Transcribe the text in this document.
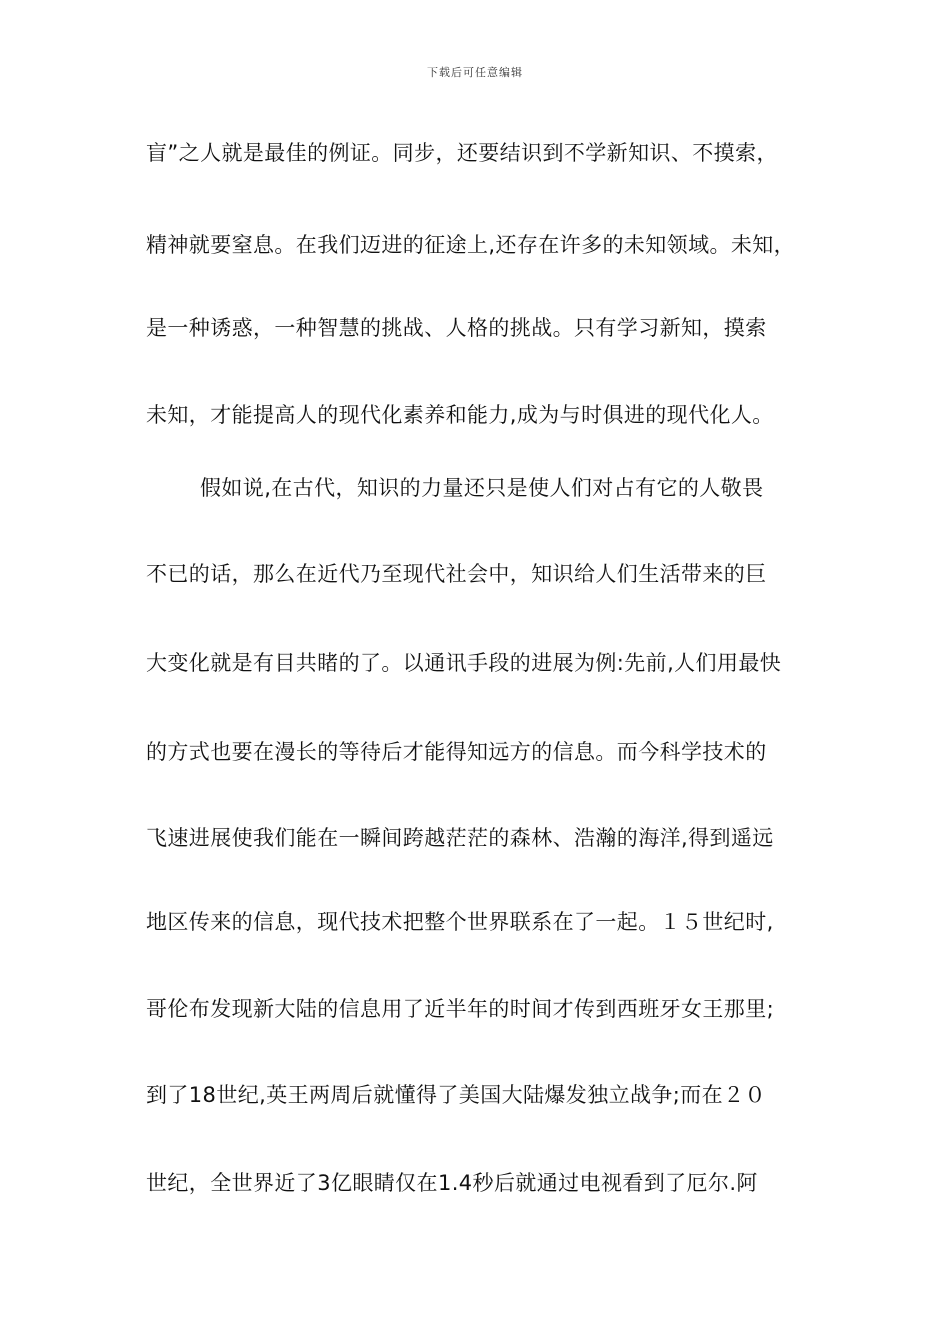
下载后可任意编辑
盲”之人就是最佳的例证。同步，还要结识到不学新知识、不摸索，
精神就要窒息。在我们迈进的征途上,还存在许多的未知领域。未知，
是一种诱惑，一种智慧的挑战、人格的挑战。只有学习新知，摸索
未知，才能提高人的现代化素养和能力,成为与时俱进的现代化人。
假如说,在古代，知识的力量还只是使人们对占有它的人敬畏
不已的话，那么在近代乃至现代社会中，知识给人们生活带来的巨
大变化就是有目共睹的了。以通讯手段的进展为例:先前,人们用最快
的方式也要在漫长的等待后才能得知远方的信息。而今科学技术的
飞速进展使我们能在一瞬间跨越茫茫的森林、浩瀚的海洋,得到遥远
地区传来的信息，现代技术把整个世界联系在了一起。１５世纪时,
哥伦布发现新大陆的信息用了近半年的时间才传到西班牙女王那里;
到了18世纪,英王两周后就懂得了美国大陆爆发独立战争;而在２０
世纪，全世界近了3亿眼睛仅在1.4秒后就通过电视看到了厄尔.阿
